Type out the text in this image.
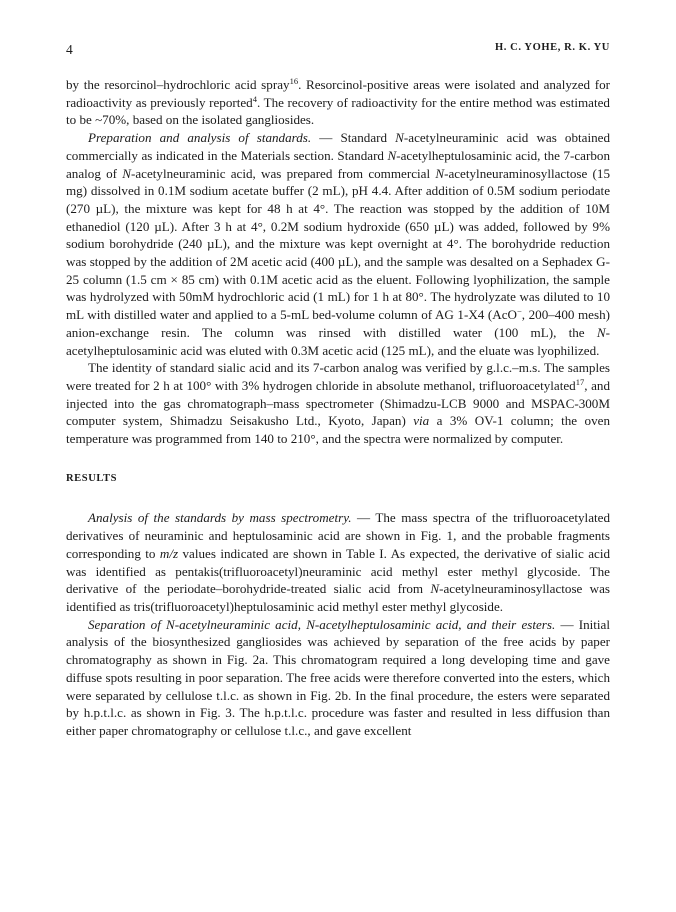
4	H. C. YOHE, R. K. YU

by the resorcinol–hydrochloric acid spray$^{16}$. Resorcinol-positive areas were isolated and analyzed for radioactivity as previously reported$^4$. The recovery of radioactivity for the entire method was estimated to be ~70%, based on the isolated gangliosides.

Preparation and analysis of standards. — Standard N-acetylneuraminic acid was obtained commercially as indicated in the Materials section. Standard N-acetylheptulosaminic acid, the 7-carbon analog of N-acetylneuraminic acid, was prepared from commercial N-acetylneuraminosyllactose (15 mg) dissolved in 0.1M sodium acetate buffer (2 mL), pH 4.4. After addition of 0.5M sodium periodate (270 µL), the mixture was kept for 48 h at 4°. The reaction was stopped by the addition of 10M ethanediol (120 µL). After 3 h at 4°, 0.2M sodium hydroxide (650 µL) was added, followed by 9% sodium borohydride (240 µL), and the mixture was kept overnight at 4°. The borohydride reduction was stopped by the addition of 2M acetic acid (400 µL), and the sample was desalted on a Sephadex G-25 column (1.5 cm × 85 cm) with 0.1M acetic acid as the eluent. Following lyophilization, the sample was hydrolyzed with 50mM hydrochloric acid (1 mL) for 1 h at 80°. The hydrolyzate was diluted to 10 mL with distilled water and applied to a 5-mL bed-volume column of AG 1-X4 (AcO−, 200–400 mesh) anion-exchange resin. The column was rinsed with distilled water (100 mL), the N-acetylheptulosaminic acid was eluted with 0.3M acetic acid (125 mL), and the eluate was lyophilized.

The identity of standard sialic acid and its 7-carbon analog was verified by g.l.c.–m.s. The samples were treated for 2 h at 100° with 3% hydrogen chloride in absolute methanol, trifluoroacetylated$^{17}$, and injected into the gas chromatograph–mass spectrometer (Shimadzu-LCB 9000 and MSPAC-300M computer system, Shimadzu Seisakusho Ltd., Kyoto, Japan) via a 3% OV-1 column; the oven temperature was programmed from 140 to 210°, and the spectra were normalized by computer.

RESULTS

Analysis of the standards by mass spectrometry. — The mass spectra of the trifluoroacetylated derivatives of neuraminic and heptulosaminic acid are shown in Fig. 1, and the probable fragments corresponding to m/z values indicated are shown in Table I. As expected, the derivative of sialic acid was identified as pentakis(trifluoroacetyl)neuraminic acid methyl ester methyl glycoside. The derivative of the periodate–borohydride-treated sialic acid from N-acetylneuraminosyllactose was identified as tris(trifluoroacetyl)heptulosaminic acid methyl ester methyl glycoside.

Separation of N-acetylneuraminic acid, N-acetylheptulosaminic acid, and their esters. — Initial analysis of the biosynthesized gangliosides was achieved by separation of the free acids by paper chromatography as shown in Fig. 2a. This chromatogram required a long developing time and gave diffuse spots resulting in poor separation. The free acids were therefore converted into the esters, which were separated by cellulose t.l.c. as shown in Fig. 2b. In the final procedure, the esters were separated by h.p.t.l.c. as shown in Fig. 3. The h.p.t.l.c. procedure was faster and resulted in less diffusion than either paper chromatography or cellulose t.l.c., and gave excellent
